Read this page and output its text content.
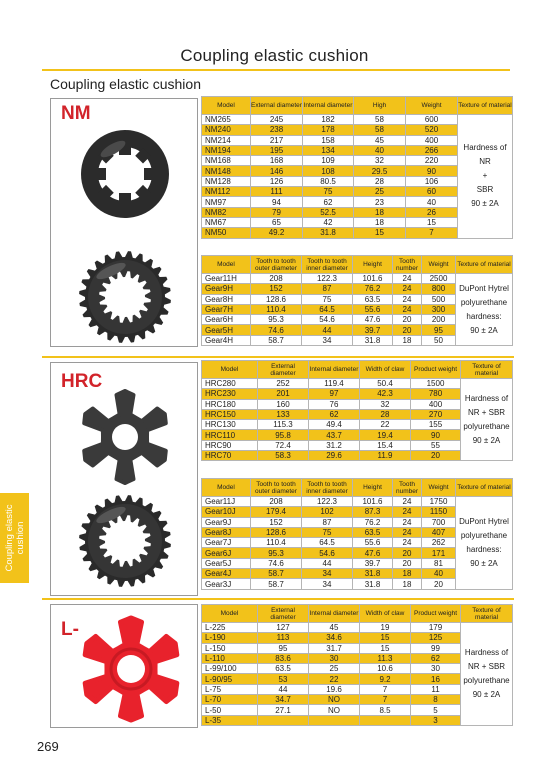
Coupling elastic cushion
Coupling elastic cushion
Coupling elastic cushion
NM	Model	External diameter	Internal diameter	High	Weight	Texture of material
NM265	245	182	58	600	Hardness of
NR
+
SBR
90 ± 2A

NM240	238	178	58	520	
NM214	217	158	45	400	
NM194	195	134	40	266	
NM168	168	109	32	220	
NM148	146	108	29.5	90	
NM128	126	80.5	28	106	
NM112	111	75	25	60	
NM97	94	62	23	40	
NM82	79	52.5	18	26	
NM67	65	42	18	15	
NM50	49.2	31.8	15	7	
Model	Tooth to tooth outer diameter	Tooth to tooth inner diameter	Height	Tooth number	Weight	Texture of material
Gear11H	208	122.3	101.6	24	2500	DuPont Hytrel
polyurethane
hardness:
90 ± 2A

Gear9H	152	87	76.2	24	800	
Gear8H	128.6	75	63.5	24	500	
Gear7H	110.4	64.5	55.6	24	300	
Gear6H	95.3	54.6	47.6	20	200	
Gear5H	74.6	44	39.7	20	95	
Gear4H	58.7	34	31.8	18	50	
HRC
Model	External diameter	Internal diameter	Width of claw	Product weight	Texture of material
HRC280	252	119.4	50.4	1500	Hardness of
NR + SBR
polyurethane
90 ± 2A

HRC230	201	97	42.3	780	
HRC180	160	76	32	400	
HRC150	133	62	28	270	
HRC130	115.3	49.4	22	155	
HRC110	95.8	43.7	19.4	90	
HRC90	72.4	31.2	15.4	55	
HRC70	58.3	29.6	11.9	20	
Model	Tooth to tooth outer diameter	Tooth to tooth inner diameter	Height	Tooth number	Weight	Texture of material
Gear11J	208	122.3	101.6	24	1750	DuPont Hytrel
polyurethane
hardness:
90 ± 2A

Gear10J	179.4	102	87.3	24	1150	
Gear9J	152	87	76.2	24	700	
Gear8J	128.6	75	63.5	24	407	
Gear7J	110.4	64.5	55.6	24	262	
Gear6J	95.3	54.6	47.6	20	171	
Gear5J	74.6	44	39.7	20	81	
Gear4J	58.7	34	31.8	18	40	
Gear3J	58.7	34	31.8	18	20	
L-
Model	External diameter	Internal diameter	Width of claw	Product weight	Texture of material
L-225	127	45	19	179	Hardness of
NR + SBR
polyurethane
90 ± 2A

L-190	113	34.6	15	125	
L-150	95	31.7	15	99	
L-110	83.6	30	11.3	62	
L-99/100	63.5	25	10.6	30	
L-90/95	53	22	9.2	16	
L-75	44	19.6	7	11	
L-70	34.7	NO	7	8	
L-50	27.1	NO	8.5	5	
L-35				3	
269
